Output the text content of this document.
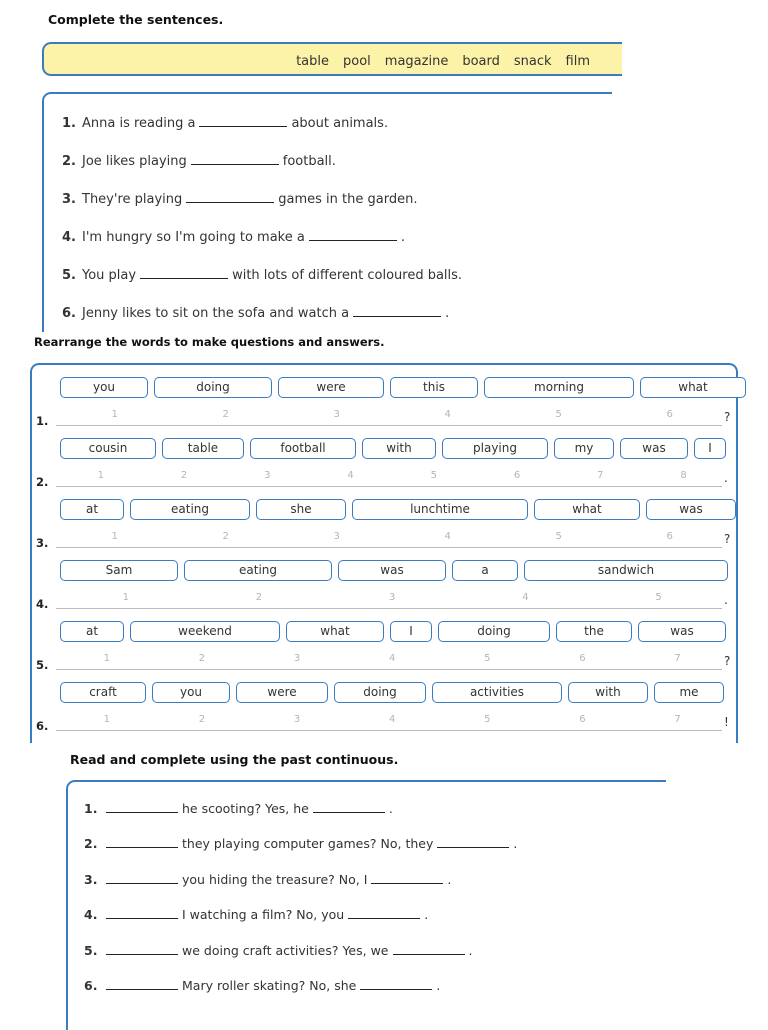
Complete the sentences.
table pool magazine board snack film
1. Anna is reading a	about animals.
2. Joe likes playing	football.
3. They're playing	games in the garden.
4. I'm hungry so I'm going to make a	.
5. You play	with lots of different coloured balls.
6. Jenny likes to sit on the sofa and watch a	.
Rearrange the words to make questions and answers.
you	doing	were	this	morning	what
1	2	3	4	5	6
1.	?
cousin	table	football	with	playing	my	was	I
1	2	3	4	5	6	7	8
2.	.
at	eating	she	lunchtime	what	was
1	2	3	4	5	6
3.	?
Sam	eating	was	a	sandwich
1	2	3	4	5
4.	.
at	weekend	what	I	doing	the	was
1	2	3	4	5	6	7
5.	?
craft	you	were	doing	activities	with	me
1	2	3	4	5	6	7
6.	!
Read and complete using the past continuous.
1.	he scooting? Yes, he	.
2.	they playing computer games? No, they	.
3.	you hiding the treasure? No, I	.
4.	I watching a film? No, you	.
5.	we doing craft activities? Yes, we	.
6.	Mary roller skating? No, she	.
